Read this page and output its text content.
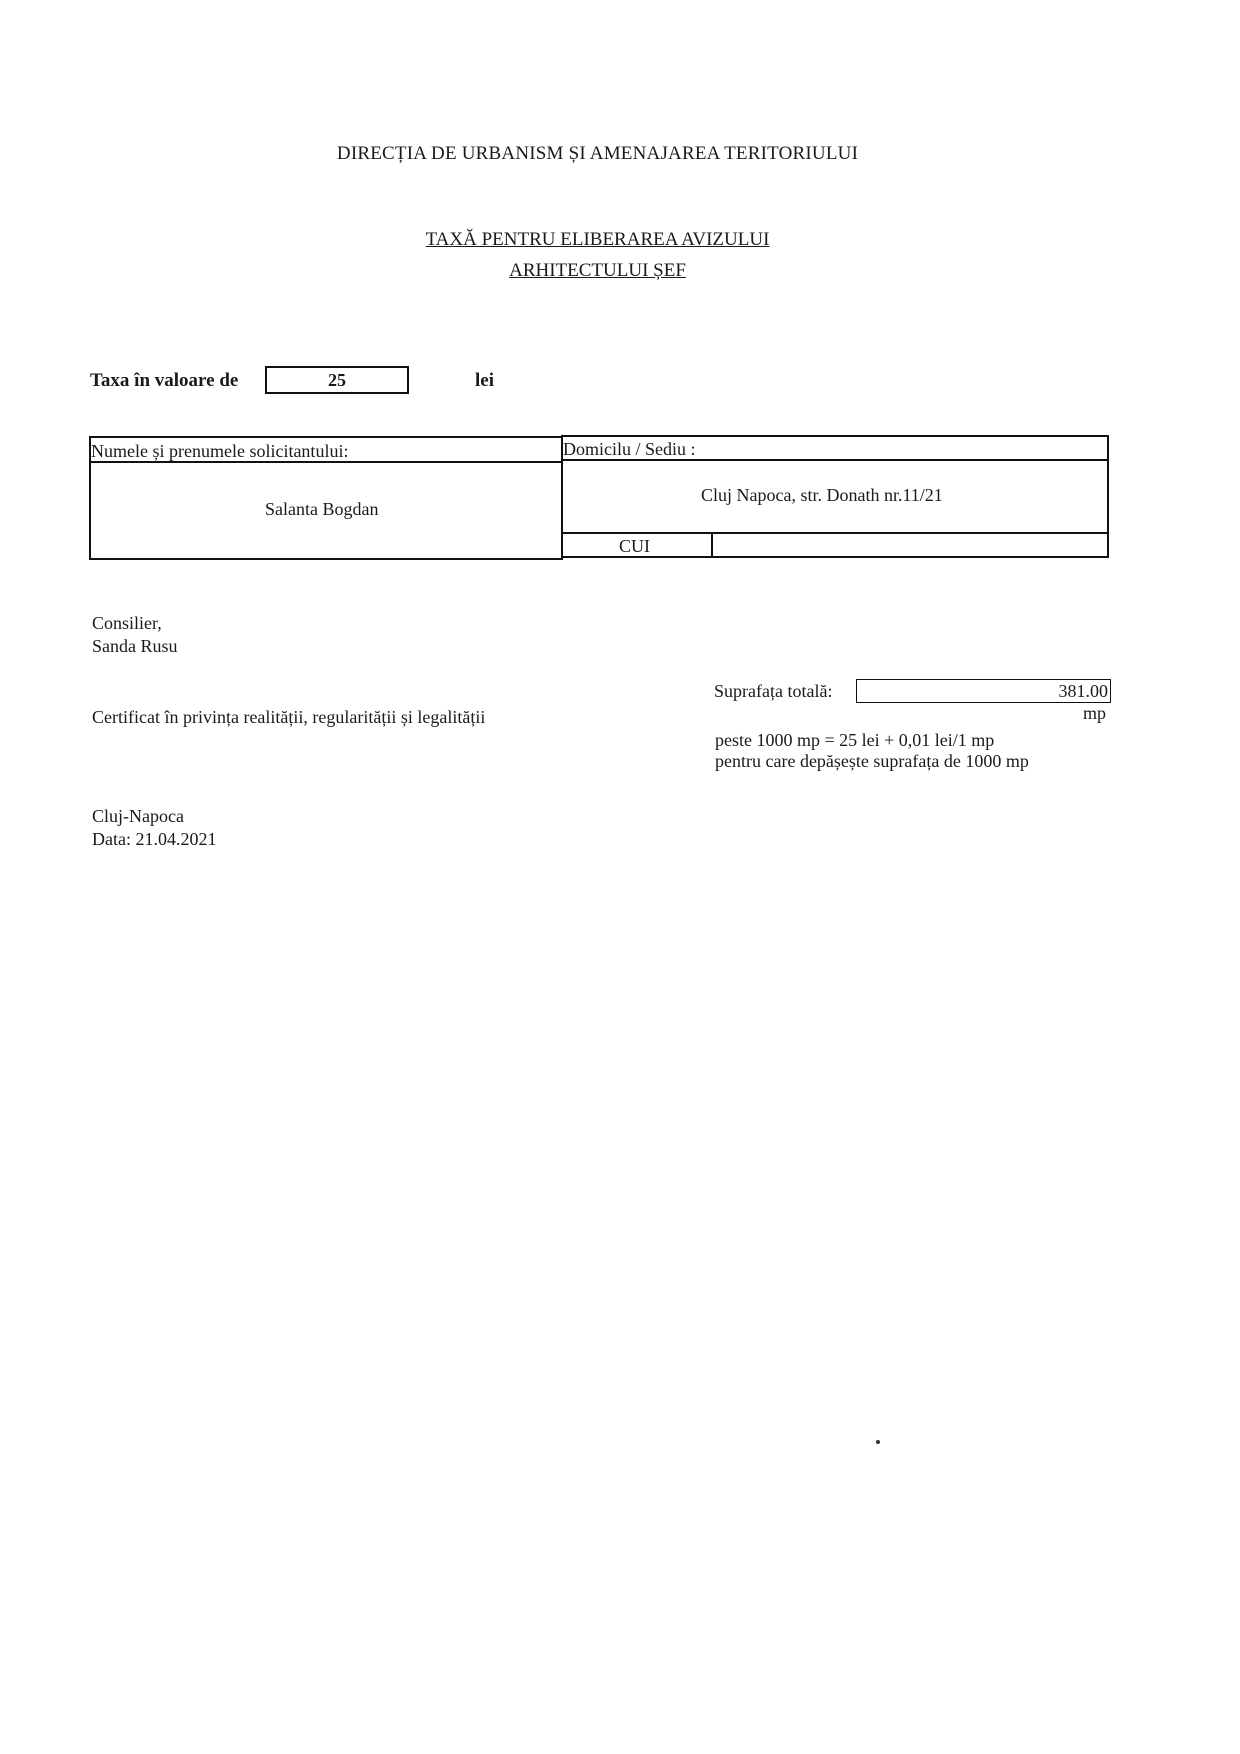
DIRECȚIA DE URBANISM ȘI AMENAJAREA TERITORIULUI
TAXĂ PENTRU ELIBERAREA AVIZULUI
ARHITECTULUI ȘEF
Taxa în valoare de	25	lei
Numele și prenumele solicitantului:	Domicilu / Sediu :
Salanta Bogdan
Cluj Napoca, str. Donath nr.11/21
CUI
Consilier,
Sanda Rusu
Certificat în privința realității, regularității și legalității
Suprafața totală:	381.00
mp
peste 1000 mp = 25 lei + 0,01 lei/1 mp
pentru care depășește suprafața de 1000 mp
Cluj-Napoca
Data: 21.04.2021
